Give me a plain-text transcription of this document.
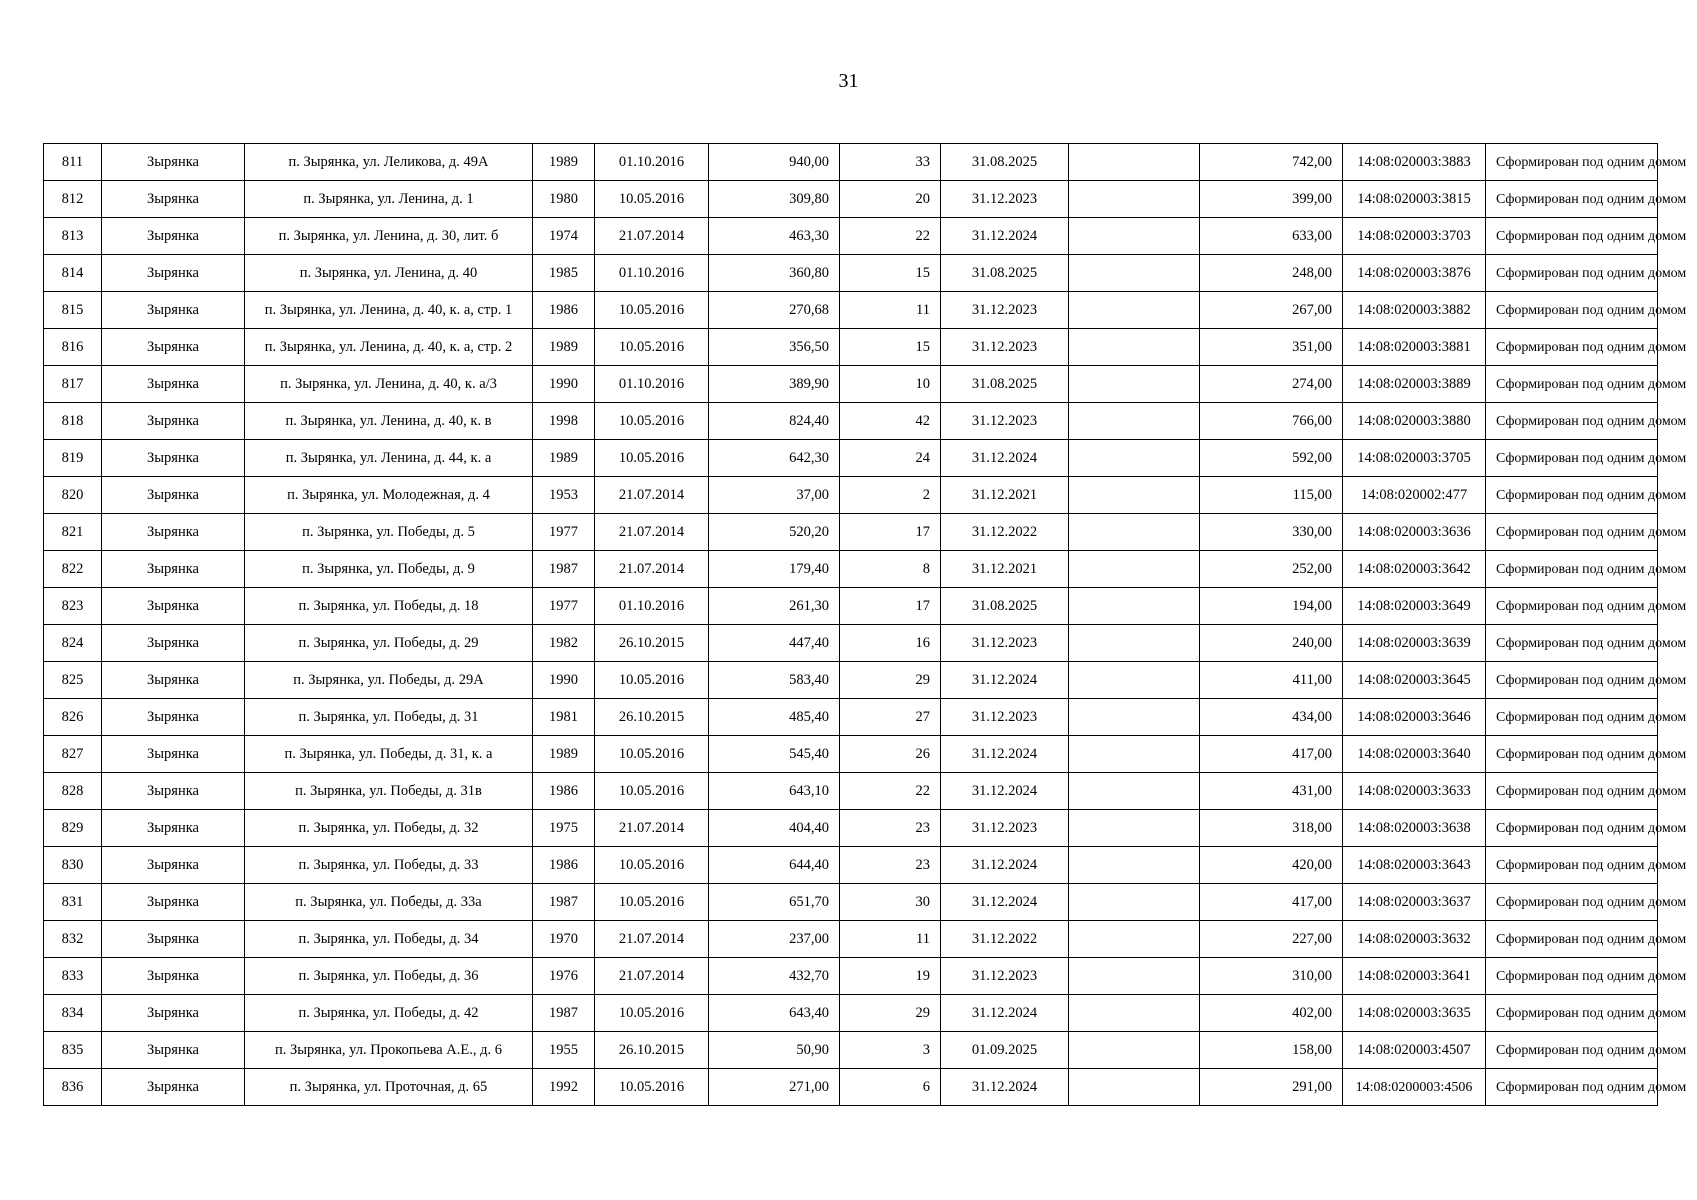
31
811	Зырянка	п. Зырянка, ул. Леликова, д. 49А	1989	01.10.2016	940,00	33	31.08.2025		742,00	14:08:020003:3883	Сформирован под одним домом
812	Зырянка	п. Зырянка, ул. Ленина, д. 1	1980	10.05.2016	309,80	20	31.12.2023		399,00	14:08:020003:3815	Сформирован под одним домом
813	Зырянка	п. Зырянка, ул. Ленина, д. 30, лит. б	1974	21.07.2014	463,30	22	31.12.2024		633,00	14:08:020003:3703	Сформирован под одним домом
814	Зырянка	п. Зырянка, ул. Ленина, д. 40	1985	01.10.2016	360,80	15	31.08.2025		248,00	14:08:020003:3876	Сформирован под одним домом
815	Зырянка	п. Зырянка, ул. Ленина, д. 40, к. а, стр. 1	1986	10.05.2016	270,68	11	31.12.2023		267,00	14:08:020003:3882	Сформирован под одним домом
816	Зырянка	п. Зырянка, ул. Ленина, д. 40, к. а, стр. 2	1989	10.05.2016	356,50	15	31.12.2023		351,00	14:08:020003:3881	Сформирован под одним домом
817	Зырянка	п. Зырянка, ул. Ленина, д. 40, к. а/3	1990	01.10.2016	389,90	10	31.08.2025		274,00	14:08:020003:3889	Сформирован под одним домом
818	Зырянка	п. Зырянка, ул. Ленина, д. 40, к. в	1998	10.05.2016	824,40	42	31.12.2023		766,00	14:08:020003:3880	Сформирован под одним домом
819	Зырянка	п. Зырянка, ул. Ленина, д. 44, к. а	1989	10.05.2016	642,30	24	31.12.2024		592,00	14:08:020003:3705	Сформирован под одним домом
820	Зырянка	п. Зырянка, ул. Молодежная, д. 4	1953	21.07.2014	37,00	2	31.12.2021		115,00	14:08:020002:477	Сформирован под одним домом
821	Зырянка	п. Зырянка, ул. Победы, д. 5	1977	21.07.2014	520,20	17	31.12.2022		330,00	14:08:020003:3636	Сформирован под одним домом
822	Зырянка	п. Зырянка, ул. Победы, д. 9	1987	21.07.2014	179,40	8	31.12.2021		252,00	14:08:020003:3642	Сформирован под одним домом
823	Зырянка	п. Зырянка, ул. Победы, д. 18	1977	01.10.2016	261,30	17	31.08.2025		194,00	14:08:020003:3649	Сформирован под одним домом
824	Зырянка	п. Зырянка, ул. Победы, д. 29	1982	26.10.2015	447,40	16	31.12.2023		240,00	14:08:020003:3639	Сформирован под одним домом
825	Зырянка	п. Зырянка, ул. Победы, д. 29А	1990	10.05.2016	583,40	29	31.12.2024		411,00	14:08:020003:3645	Сформирован под одним домом
826	Зырянка	п. Зырянка, ул. Победы, д. 31	1981	26.10.2015	485,40	27	31.12.2023		434,00	14:08:020003:3646	Сформирован под одним домом
827	Зырянка	п. Зырянка, ул. Победы, д. 31, к. а	1989	10.05.2016	545,40	26	31.12.2024		417,00	14:08:020003:3640	Сформирован под одним домом
828	Зырянка	п. Зырянка, ул. Победы, д. 31в	1986	10.05.2016	643,10	22	31.12.2024		431,00	14:08:020003:3633	Сформирован под одним домом
829	Зырянка	п. Зырянка, ул. Победы, д. 32	1975	21.07.2014	404,40	23	31.12.2023		318,00	14:08:020003:3638	Сформирован под одним домом
830	Зырянка	п. Зырянка, ул. Победы, д. 33	1986	10.05.2016	644,40	23	31.12.2024		420,00	14:08:020003:3643	Сформирован под одним домом
831	Зырянка	п. Зырянка, ул. Победы, д. 33а	1987	10.05.2016	651,70	30	31.12.2024		417,00	14:08:020003:3637	Сформирован под одним домом
832	Зырянка	п. Зырянка, ул. Победы, д. 34	1970	21.07.2014	237,00	11	31.12.2022		227,00	14:08:020003:3632	Сформирован под одним домом
833	Зырянка	п. Зырянка, ул. Победы, д. 36	1976	21.07.2014	432,70	19	31.12.2023		310,00	14:08:020003:3641	Сформирован под одним домом
834	Зырянка	п. Зырянка, ул. Победы, д. 42	1987	10.05.2016	643,40	29	31.12.2024		402,00	14:08:020003:3635	Сформирован под одним домом
835	Зырянка	п. Зырянка, ул. Прокопьева А.Е., д. 6	1955	26.10.2015	50,90	3	01.09.2025		158,00	14:08:020003:4507	Сформирован под одним домом
836	Зырянка	п. Зырянка, ул. Проточная, д. 65	1992	10.05.2016	271,00	6	31.12.2024		291,00	14:08:0200003:4506	Сформирован под одним домом
